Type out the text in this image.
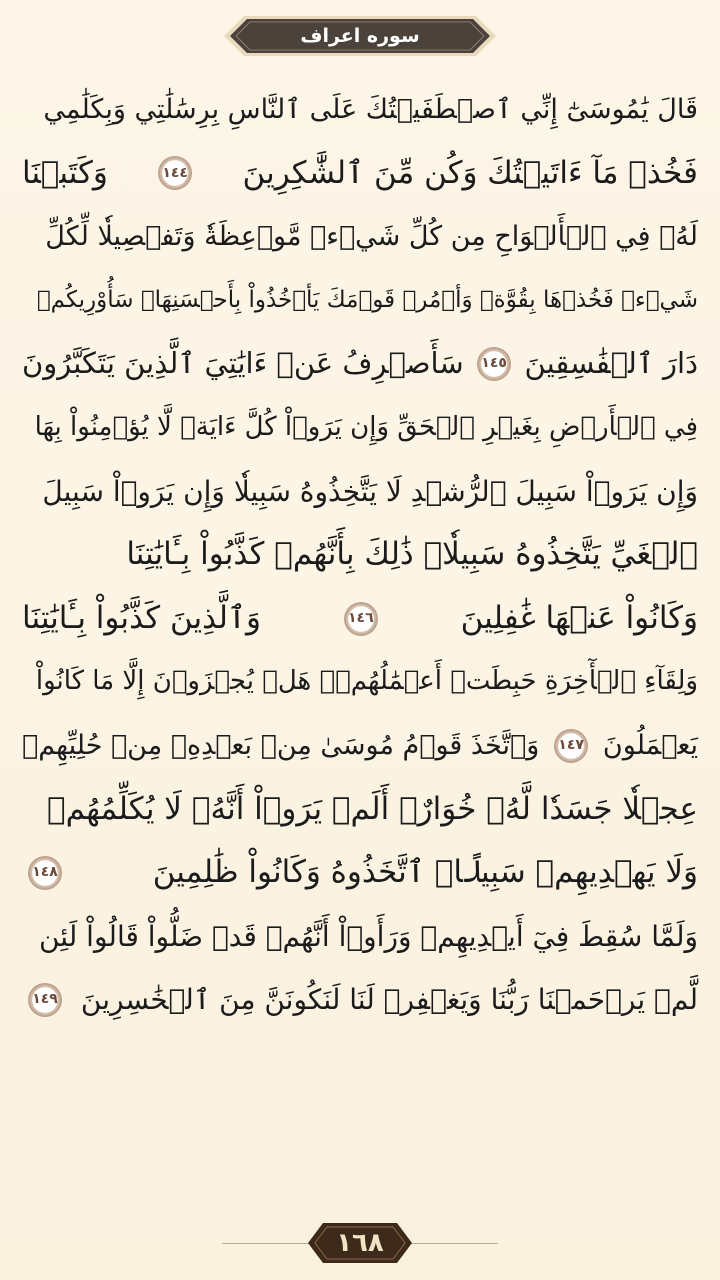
سوره اعراف
قَالَ يَٰمُوسَىٰٓ إِنِّي ٱصۡطَفَيۡتُكَ عَلَى ٱلنَّاسِ بِرِسَٰلَٰتِي وَبِكَلَٰمِي
فَخُذۡ مَآ ءَاتَيۡتُكَ وَكُن مِّنَ ٱلشَّٰكِرِينَ
١٤٤
وَكَتَبۡنَا
لَهُۥ فِي ٱلۡأَلۡوَاحِ مِن كُلِّ شَيۡءٖ مَّوۡعِظَةٗ وَتَفۡصِيلٗا لِّكُلِّ
شَيۡءٖ فَخُذۡهَا بِقُوَّةٖ وَأۡمُرۡ قَوۡمَكَ يَأۡخُذُواْ بِأَحۡسَنِهَاۚ سَأُوْرِيكُمۡ
دَارَ ٱلۡفَٰسِقِينَ
١٤٥
سَأَصۡرِفُ عَنۡ ءَايَٰتِيَ ٱلَّذِينَ يَتَكَبَّرُونَ
فِي ٱلۡأَرۡضِ بِغَيۡرِ ٱلۡحَقِّ وَإِن يَرَوۡاْ كُلَّ ءَايَةٖ لَّا يُؤۡمِنُواْ بِهَا
وَإِن يَرَوۡاْ سَبِيلَ ٱلرُّشۡدِ لَا يَتَّخِذُوهُ سَبِيلٗا وَإِن يَرَوۡاْ سَبِيلَ
ٱلۡغَيِّ يَتَّخِذُوهُ سَبِيلٗاۚ ذَٰلِكَ بِأَنَّهُمۡ كَذَّبُواْ بِـَٔايَٰتِنَا
وَكَانُواْ عَنۡهَا غَٰفِلِينَ
١٤٦
وَٱلَّذِينَ كَذَّبُواْ بِـَٔايَٰتِنَا
وَلِقَآءِ ٱلۡأٓخِرَةِ حَبِطَتۡ أَعۡمَٰلُهُمۡۚ هَلۡ يُجۡزَوۡنَ إِلَّا مَا كَانُواْ
يَعۡمَلُونَ
١٤٧
وَٱتَّخَذَ قَوۡمُ مُوسَىٰ مِنۢ بَعۡدِهِۦ مِنۡ حُلِيِّهِمۡ
عِجۡلٗا جَسَدٗا لَّهُۥ خُوَارٌۚ أَلَمۡ يَرَوۡاْ أَنَّهُۥ لَا يُكَلِّمُهُمۡ
وَلَا يَهۡدِيهِمۡ سَبِيلًاۘ ٱتَّخَذُوهُ وَكَانُواْ ظَٰلِمِينَ
١٤٨
وَلَمَّا سُقِطَ فِيٓ أَيۡدِيهِمۡ وَرَأَوۡاْ أَنَّهُمۡ قَدۡ ضَلُّواْ قَالُواْ لَئِن
لَّمۡ يَرۡحَمۡنَا رَبُّنَا وَيَغۡفِرۡ لَنَا لَنَكُونَنَّ مِنَ ٱلۡخَٰسِرِينَ
١٤٩
١٦٨
